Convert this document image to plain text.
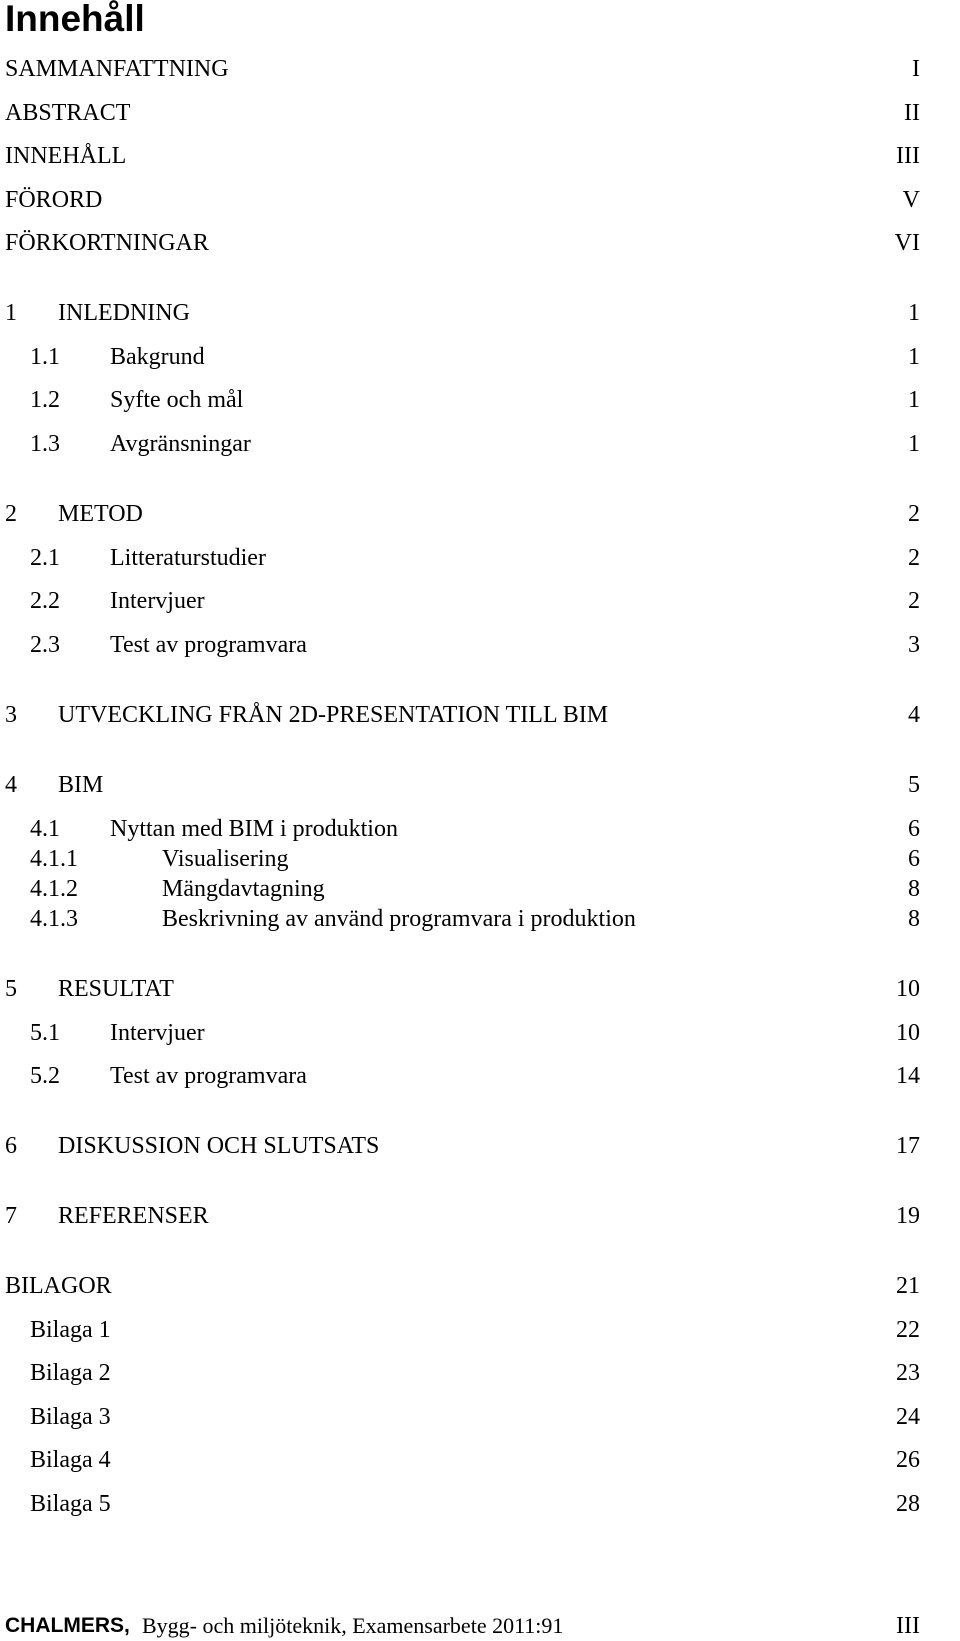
Innehåll
SAMMANFATTNING	I
ABSTRACT	II
INNEHÅLL	III
FÖRORD	V
FÖRKORTNINGAR	VI
1 INLEDNING	1
1.1 Bakgrund	1
1.2 Syfte och mål	1
1.3 Avgränsningar	1
2 METOD	2
2.1 Litteraturstudier	2
2.2 Intervjuer	2
2.3 Test av programvara	3
3 UTVECKLING FRÅN 2D-PRESENTATION TILL BIM	4
4 BIM	5
4.1 Nyttan med BIM i produktion	6
4.1.1	Visualisering	6
4.1.2	Mängdavtagning	8
4.1.3	Beskrivning av använd programvara i produktion	8
5 RESULTAT	10
5.1 Intervjuer	10
5.2 Test av programvara	14
6 DISKUSSION OCH SLUTSATS	17
7 REFERENSER	19
BILAGOR	21
Bilaga 1	22
Bilaga 2	23
Bilaga 3	24
Bilaga 4	26
Bilaga 5	28
CHALMERS, Bygg- och miljöteknik, Examensarbete 2011:91	III
